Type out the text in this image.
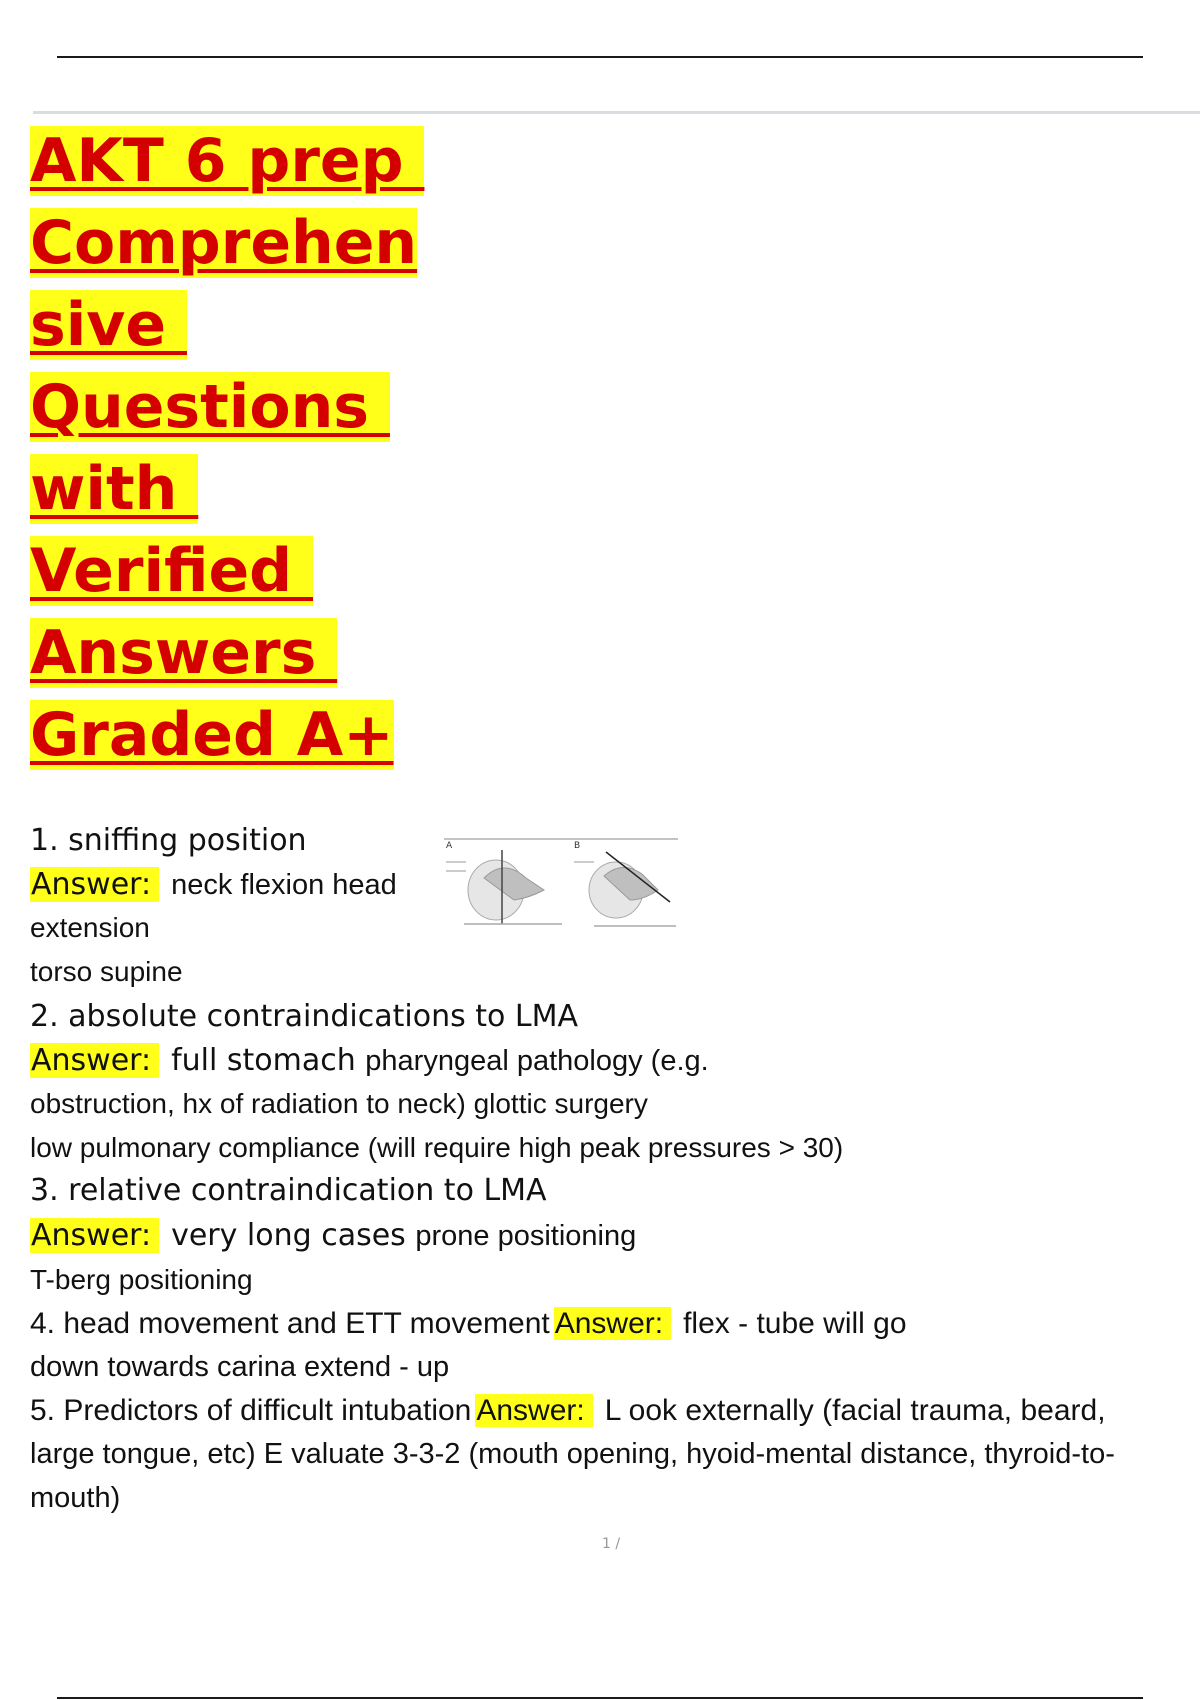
AKT 6 prep
Comprehen
sive
Questions
with
Verified
Answers
Graded A+
1. sniffing position
Answer: neck flexion head
extension
torso supine
A	B
2. absolute contraindications to LMA
Answer: full stomach pharyngeal pathology (e.g.
obstruction, hx of radiation to neck) glottic surgery
low pulmonary compliance (will require high peak pressures > 30)
3. relative contraindication to LMA
Answer: very long cases prone positioning
T-berg positioning
4. head movement and ETT movement Answer: flex - tube will go
down towards carina extend - up
5. Predictors of difficult intubation Answer: L ook externally (facial trauma, beard,
large tongue, etc) E valuate 3-3-2 (mouth opening, hyoid-mental distance, thyroid-to-
mouth)
1 /
